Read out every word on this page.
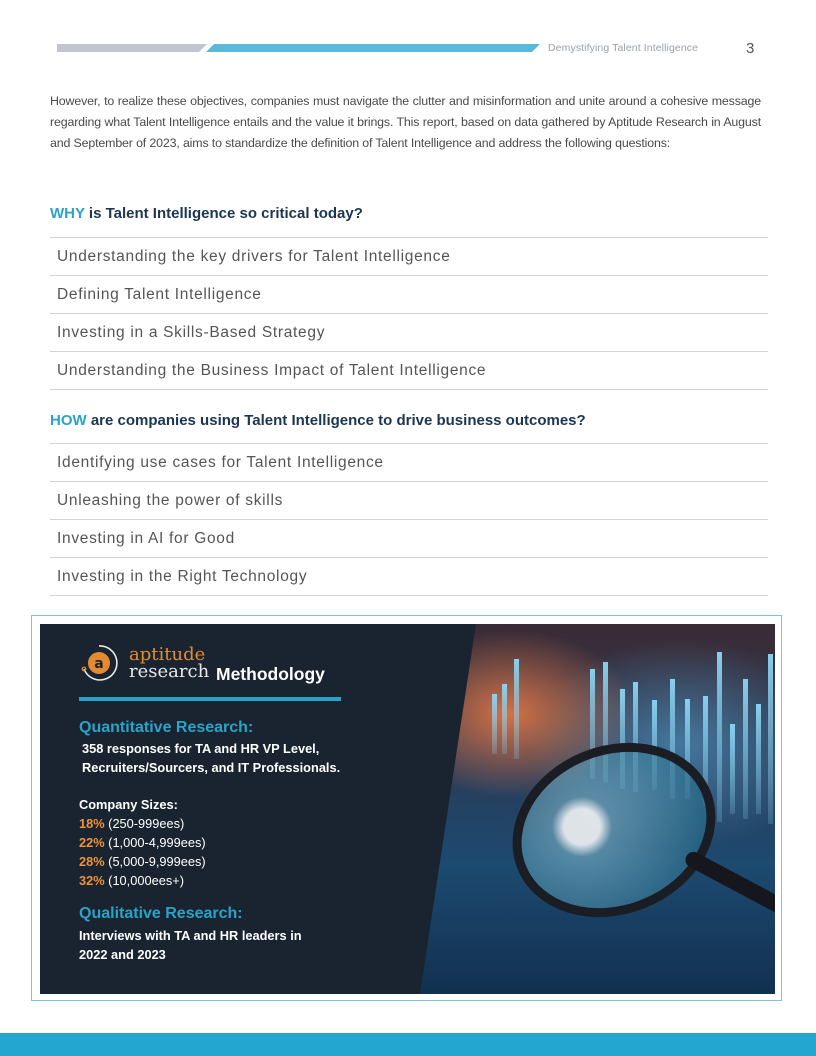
Demystifying Talent Intelligence	3

However, to realize these objectives, companies must navigate the clutter and misinformation and unite around a cohesive message regarding what Talent Intelligence entails and the value it brings. This report, based on data gathered by Aptitude Research in August and September of 2023, aims to standardize the definition of Talent Intelligence and address the following questions:

WHY is Talent Intelligence so critical today?
Understanding the key drivers for Talent Intelligence
Defining Talent Intelligence
Investing in a Skills-Based Strategy
Understanding the Business Impact of Talent Intelligence
HOW are companies using Talent Intelligence to drive business outcomes?
Identifying use cases for Talent Intelligence
Unleashing the power of skills
Investing in AI for Good
Investing in the Right Technology
a aptitude
research Methodology
Quantitative Research:
358 responses for TA and HR VP Level,
Recruiters/Sourcers, and IT Professionals.
Company Sizes:
18% (250-999ees)
22% (1,000-4,999ees)
28% (5,000-9,999ees)
32% (10,000ees+)
Qualitative Research:
Interviews with TA and HR leaders in
2022 and 2023
